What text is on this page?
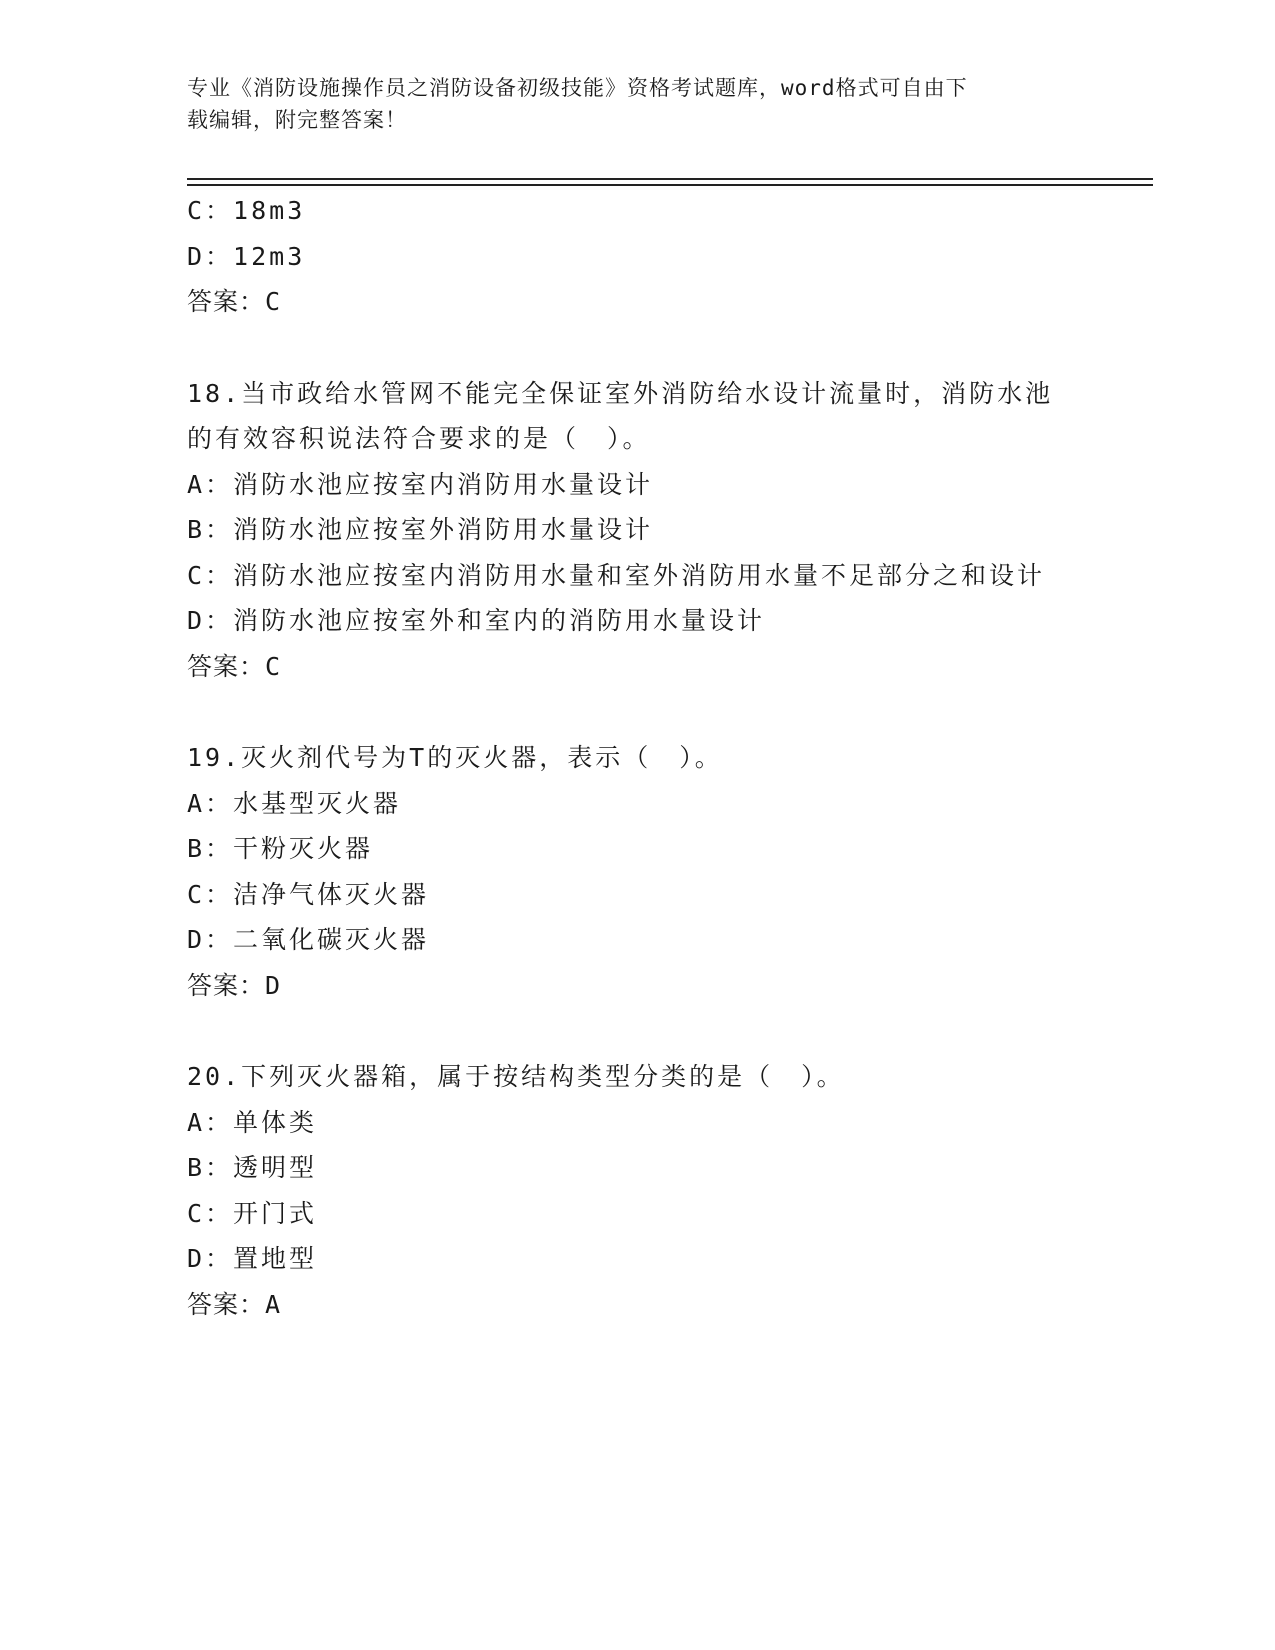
专业《消防设施操作员之消防设备初级技能》资格考试题库，word格式可自由下
载编辑，附完整答案！
C：18m3
D：12m3
答案：C
18.当市政给水管网不能完全保证室外消防给水设计流量时，消防水池
的有效容积说法符合要求的是（　）。
A：消防水池应按室内消防用水量设计
B：消防水池应按室外消防用水量设计
C：消防水池应按室内消防用水量和室外消防用水量不足部分之和设计
D：消防水池应按室外和室内的消防用水量设计
答案：C
19.灭火剂代号为T的灭火器，表示（　）。
A：水基型灭火器
B：干粉灭火器
C：洁净气体灭火器
D：二氧化碳灭火器
答案：D
20.下列灭火器箱，属于按结构类型分类的是（　）。
A：单体类
B：透明型
C：开门式
D：置地型
答案：A
